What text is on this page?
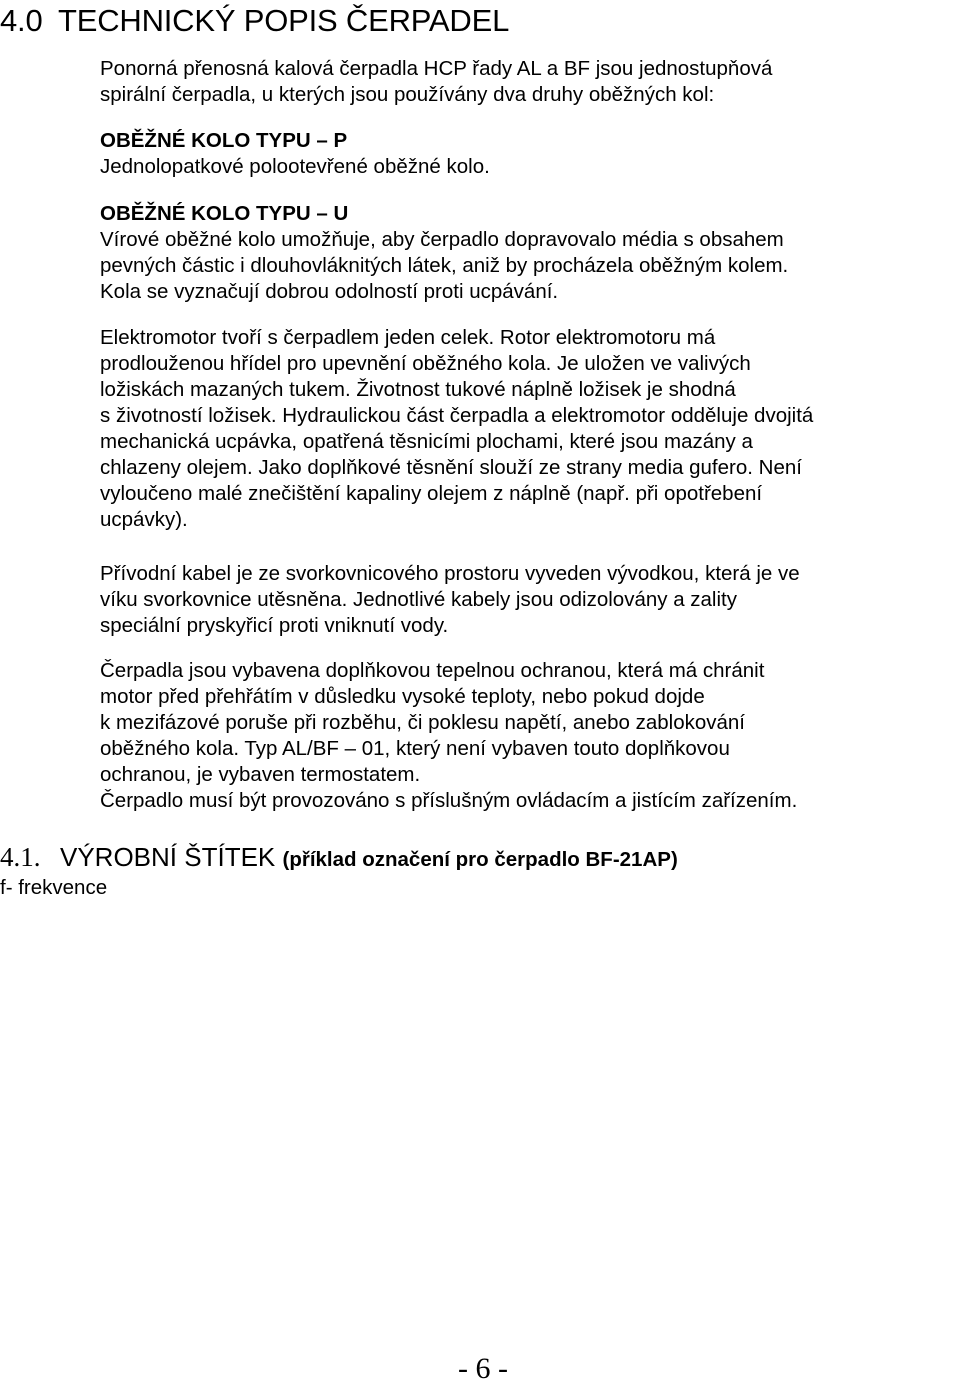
4.0 TECHNICKÝ POPIS ČERPADEL
Ponorná přenosná kalová čerpadla HCP řady AL a BF jsou jednostupňová
spirální čerpadla, u kterých jsou používány dva druhy oběžných kol:
OBĚŽNÉ KOLO TYPU – P
Jednolopatkové polootevřené oběžné kolo.
OBĚŽNÉ KOLO TYPU – U
Vírové oběžné kolo umožňuje, aby čerpadlo dopravovalo média s obsahem
pevných částic i dlouhovláknitých látek, aniž by procházela oběžným kolem.
Kola se vyznačují dobrou odolností proti ucpávání.
Elektromotor tvoří s čerpadlem jeden celek. Rotor elektromotoru má
prodlouženou hřídel pro upevnění oběžného kola. Je uložen ve valivých
ložiskách mazaných tukem. Životnost tukové náplně ložisek je shodná
s životností ložisek. Hydraulickou část čerpadla a elektromotor odděluje dvojitá
mechanická ucpávka, opatřená těsnicími plochami, které jsou mazány a
chlazeny olejem. Jako doplňkové těsnění slouží ze strany media gufero. Není
vyloučeno malé znečištění kapaliny olejem z náplně (např. při opotřebení
ucpávky).
Přívodní kabel je ze svorkovnicového prostoru vyveden vývodkou, která je ve
víku svorkovnice utěsněna. Jednotlivé kabely jsou odizolovány a zality
speciální pryskyřicí proti vniknutí vody.
Čerpadla jsou vybavena doplňkovou tepelnou ochranou, která má chránit
motor před přehřátím v důsledku vysoké teploty, nebo pokud dojde
k mezifázové poruše při rozběhu, či poklesu napětí, anebo zablokování
oběžného kola. Typ AL/BF – 01, který není vybaven touto doplňkovou
ochranou, je vybaven termostatem.
Čerpadlo musí být provozováno s příslušným ovládacím a jistícím zařízením.
4.1. VÝROBNÍ ŠTÍTEK (příklad označení pro čerpadlo BF-21AP)
f- frekvence
- 6 -
